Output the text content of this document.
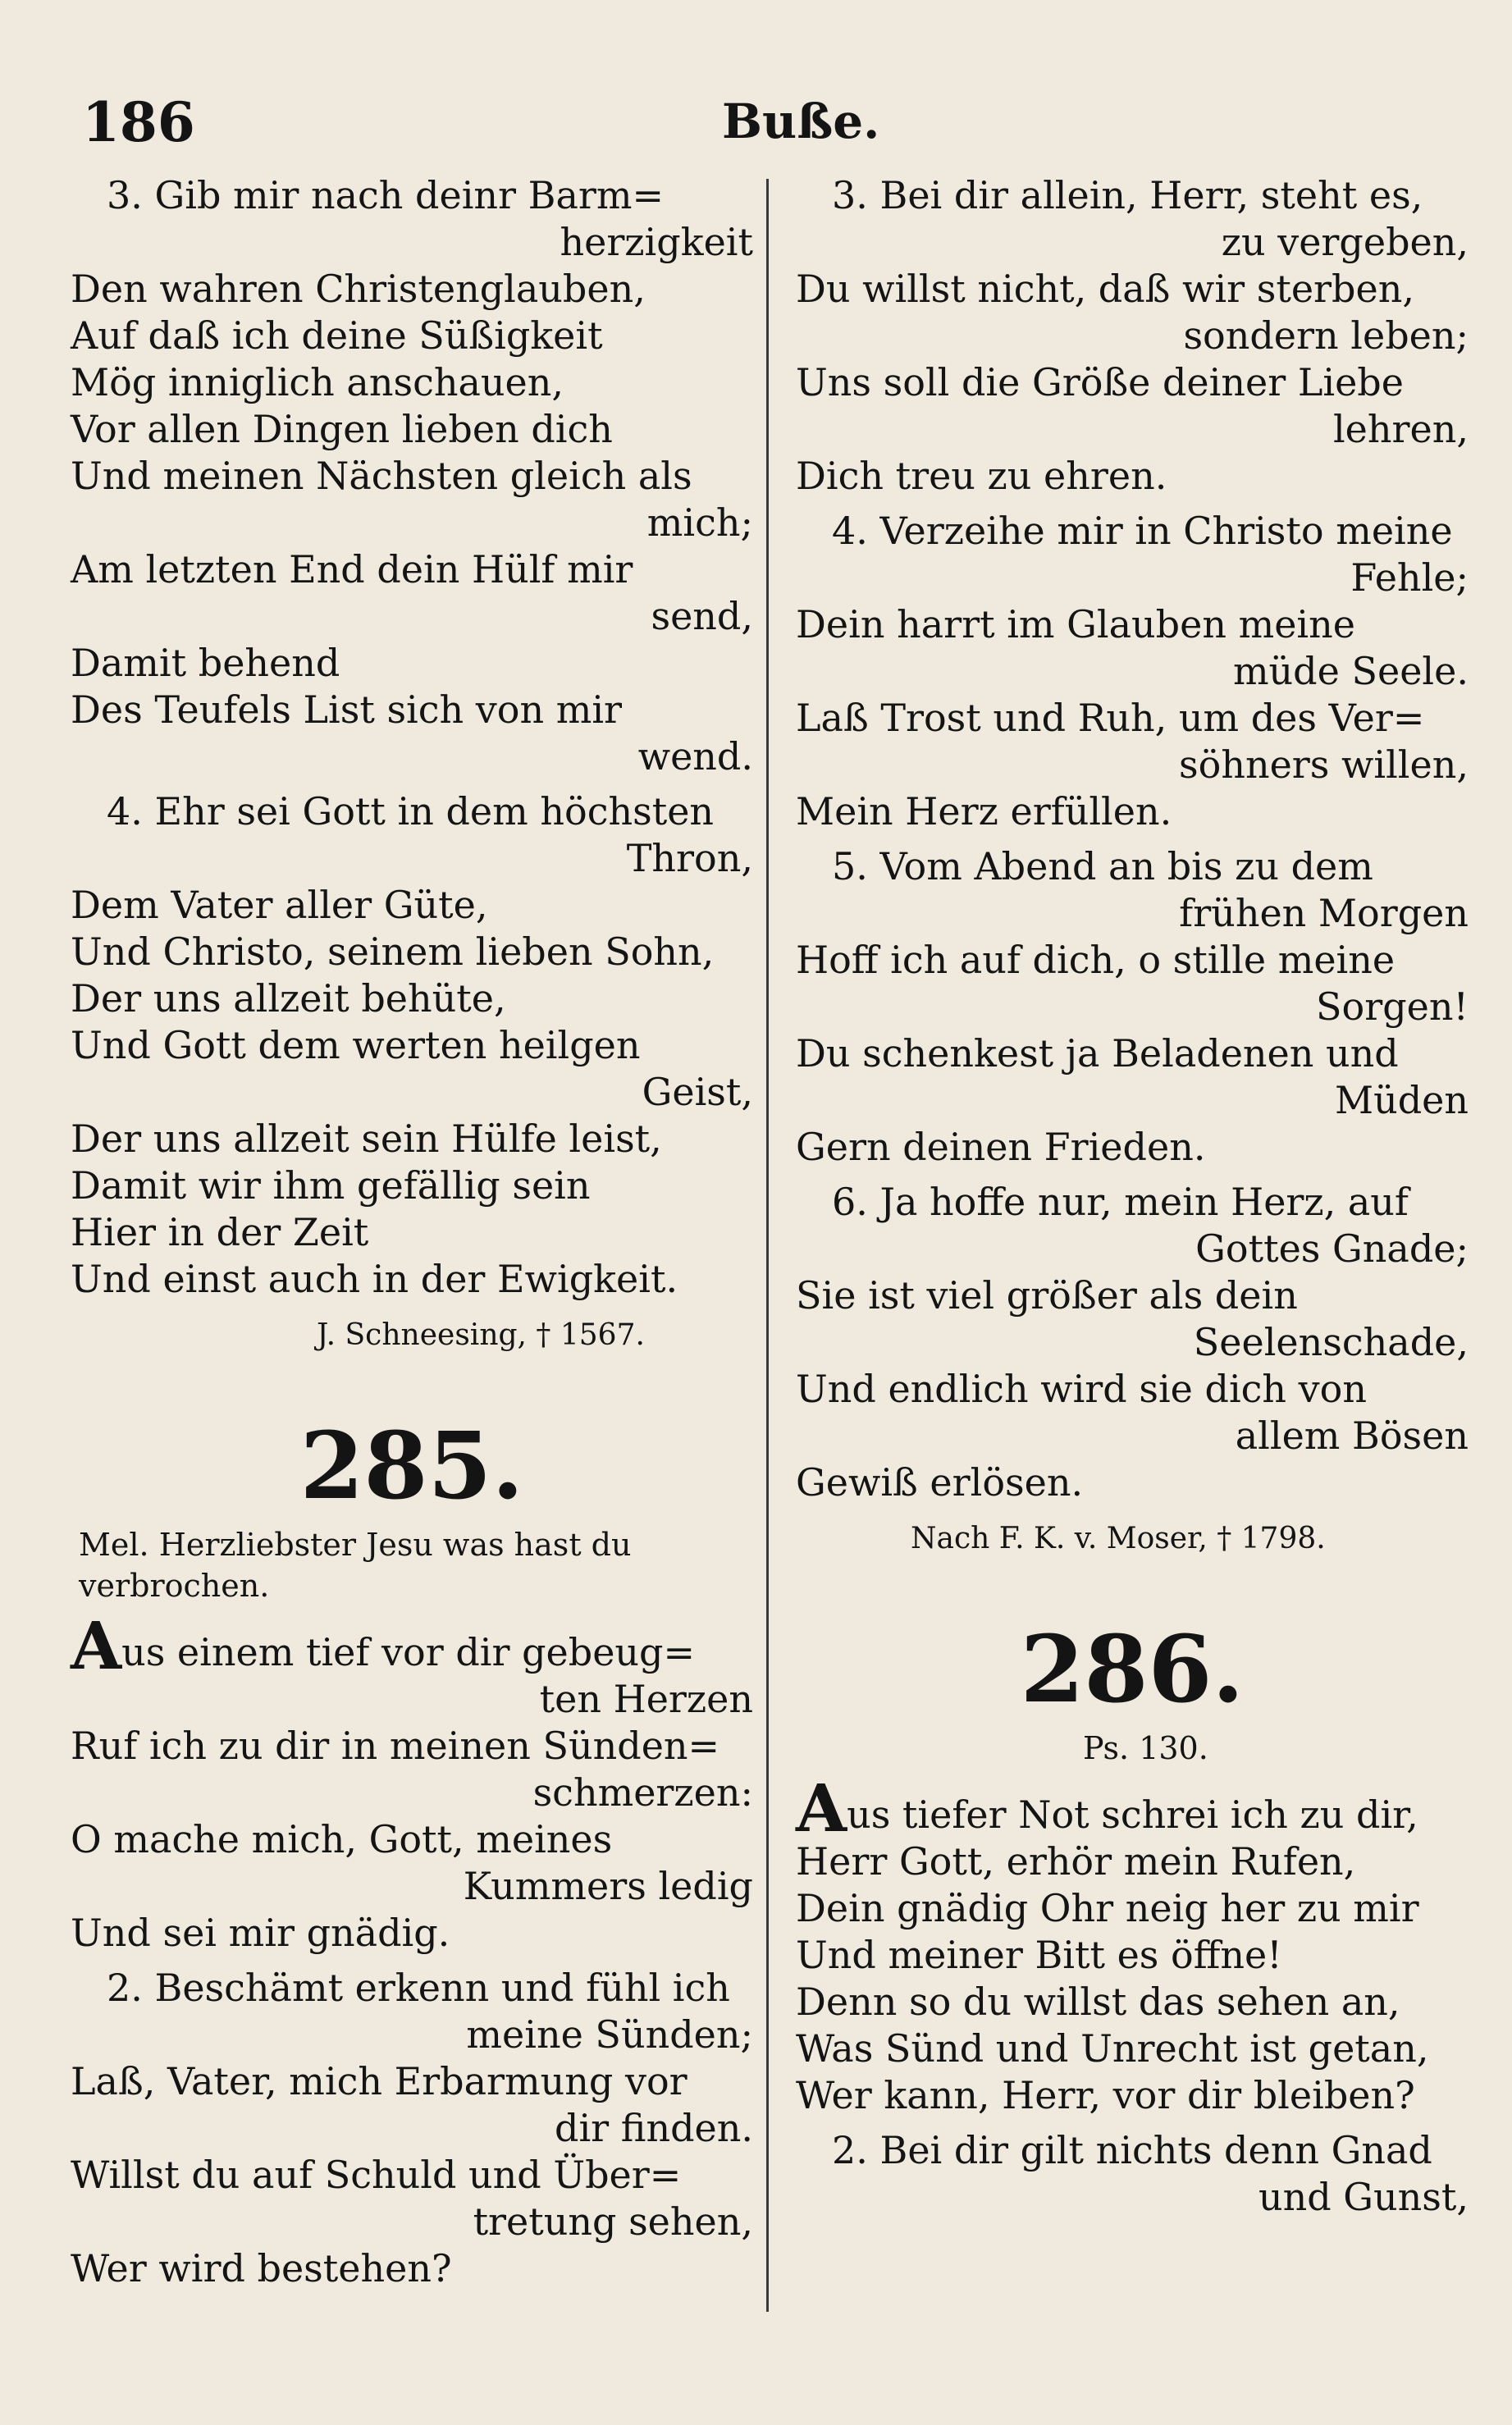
186	Buße.
3. Gib mir nach deinr Barm=
herzigkeit
Den wahren Christenglauben,
Auf daß ich deine Süßigkeit
Mög inniglich anschauen,
Vor allen Dingen lieben dich
Und meinen Nächsten gleich als
mich;
Am letzten End dein Hülf mir
send,
Damit behend
Des Teufels List sich von mir
wend.
4. Ehr sei Gott in dem höchsten
Thron,
Dem Vater aller Güte,
Und Christo, seinem lieben Sohn,
Der uns allzeit behüte,
Und Gott dem werten heilgen
Geist,
Der uns allzeit sein Hülfe leist,
Damit wir ihm gefällig sein
Hier in der Zeit
Und einst auch in der Ewigkeit.
J. Schneesing, † 1567.
285.
Mel. Herzliebster Jesu was hast du verbrochen.
Aus einem tief vor dir gebeug=
ten Herzen
Ruf ich zu dir in meinen Sünden=
schmerzen:
O mache mich, Gott, meines
Kummers ledig
Und sei mir gnädig.
2. Beschämt erkenn und fühl ich
meine Sünden;
Laß, Vater, mich Erbarmung vor
dir finden.
Willst du auf Schuld und Über=
tretung sehen,
Wer wird bestehen?
3. Bei dir allein, Herr, steht es,
zu vergeben,
Du willst nicht, daß wir sterben,
sondern leben;
Uns soll die Größe deiner Liebe
lehren,
Dich treu zu ehren.
4. Verzeihe mir in Christo meine
Fehle;
Dein harrt im Glauben meine
müde Seele.
Laß Trost und Ruh, um des Ver=
söhners willen,
Mein Herz erfüllen.
5. Vom Abend an bis zu dem
frühen Morgen
Hoff ich auf dich, o stille meine
Sorgen!
Du schenkest ja Beladenen und
Müden
Gern deinen Frieden.
6. Ja hoffe nur, mein Herz, auf
Gottes Gnade;
Sie ist viel größer als dein
Seelenschade,
Und endlich wird sie dich von
allem Bösen
Gewiß erlösen.
Nach F. K. v. Moser, † 1798.
286.
Ps. 130.
Aus tiefer Not schrei ich zu dir,
Herr Gott, erhör mein Rufen,
Dein gnädig Ohr neig her zu mir
Und meiner Bitt es öffne!
Denn so du willst das sehen an,
Was Sünd und Unrecht ist getan,
Wer kann, Herr, vor dir bleiben?
2. Bei dir gilt nichts denn Gnad
und Gunst,
